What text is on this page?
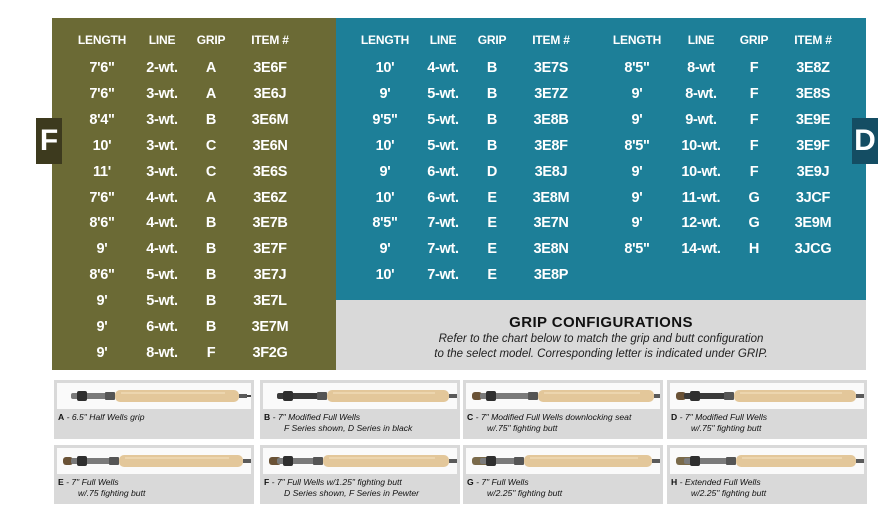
GRIP CONFIGURATIONS
Refer to the chart below to match the grip and butt configuration
to the select model. Corresponding letter is indicated under GRIP.
F	D
LENGTH	LINE	GRIP	ITEM #
7'6"	2-wt.	A	3E6F
7'6"	3-wt.	A	3E6J
8'4"	3-wt.	B	3E6M
10'	3-wt.	C	3E6N
11'	3-wt.	C	3E6S
7'6"	4-wt.	A	3E6Z
8'6"	4-wt.	B	3E7B
9'	4-wt.	B	3E7F
8'6"	5-wt.	B	3E7J
9'	5-wt.	B	3E7L
9'	6-wt.	B	3E7M
9'	8-wt.	F	3F2G
LENGTH	LINE	GRIP	ITEM #
10'	4-wt.	B	3E7S
9'	5-wt.	B	3E7Z
9'5"	5-wt.	B	3E8B
10'	5-wt.	B	3E8F
9'	6-wt.	D	3E8J
10'	6-wt.	E	3E8M
8'5"	7-wt.	E	3E7N
9'	7-wt.	E	3E8N
10'	7-wt.	E	3E8P
LENGTH	LINE	GRIP	ITEM #
8'5"	8-wt	F	3E8Z
9'	8-wt.	F	3E8S
9'	9-wt.	F	3E9E
8'5"	10-wt.	F	3E9F
9'	10-wt.	F	3E9J
9'	11-wt.	G	3JCF
9'	12-wt.	G	3E9M
8'5"	14-wt.	H	3JCG
A - 6.5" Half Wells grip	B - 7" Modified Full Wells
F Series shown, D Series in black
C - 7" Modified Full Wells downlocking seat
w/.75" fighting butt
D - 7" Modified Full Wells
w/.75" fighting butt
E - 7" Full Wells
w/.75 fighting butt
F - 7" Full Wells w/1.25" fighting butt
D Series shown, F Series in Pewter
G - 7" Full Wells
w/2.25" fighting butt
H - Extended Full Wells
w/2.25" fighting butt
